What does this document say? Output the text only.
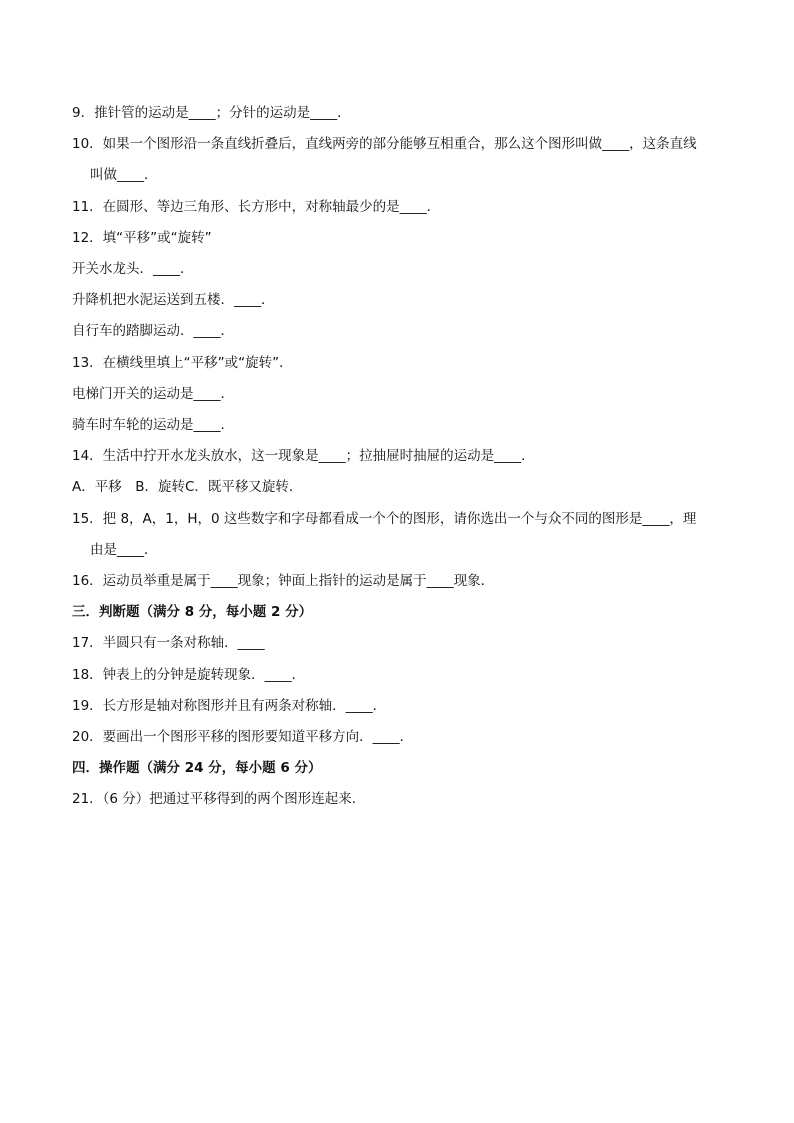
9．推针管的运动是____；分针的运动是____．
10．如果一个图形沿一条直线折叠后，直线两旁的部分能够互相重合，那么这个图形叫做____，这条直线
叫做____．
11．在圆形、等边三角形、长方形中，对称轴最少的是____．
12．填“平移”或“旋转”
开关水龙头．____．
升降机把水泥运送到五楼．____．
自行车的踏脚运动．____．
13．在横线里填上“平移”或“旋转”．
电梯门开关的运动是____．
骑车时车轮的运动是____．
14．生活中拧开水龙头放水，这一现象是____；拉抽屉时抽屉的运动是____．
A．平移　B．旋转C．既平移又旋转．
15．把 8，A，1，H，0 这些数字和字母都看成一个个的图形，请你选出一个与众不同的图形是____，理
由是____．
16．运动员举重是属于____现象；钟面上指针的运动是属于____现象．
三．判断题（满分 8 分，每小题 2 分）
17．半圆只有一条对称轴．____
18．钟表上的分钟是旋转现象．____．
19．长方形是轴对称图形并且有两条对称轴．____．
20．要画出一个图形平移的图形要知道平移方向．____．
四．操作题（满分 24 分，每小题 6 分）
21．（6 分）把通过平移得到的两个图形连起来．
